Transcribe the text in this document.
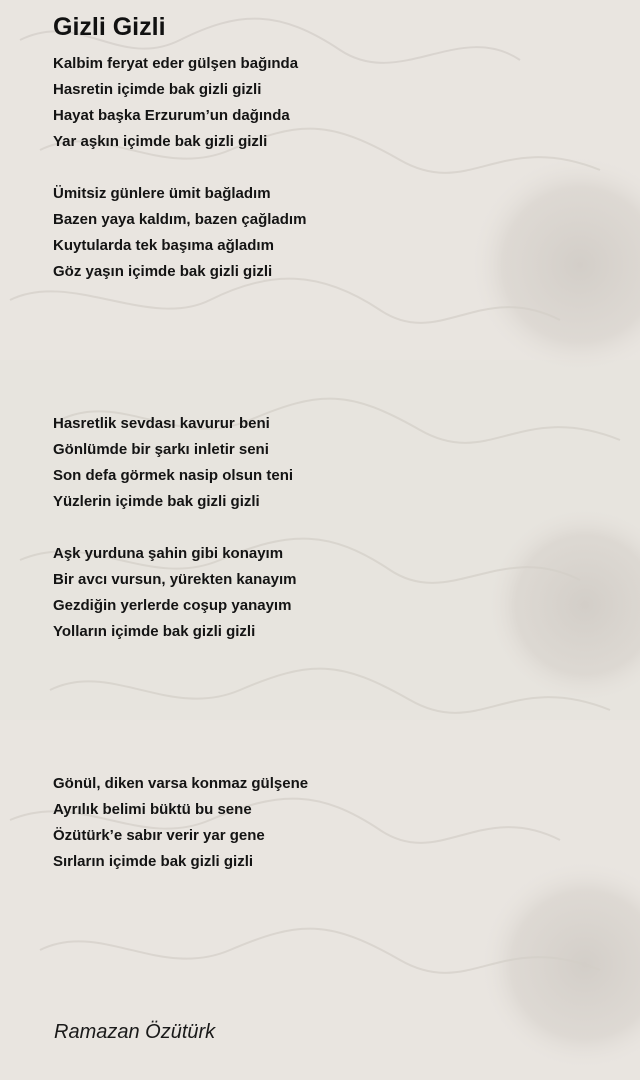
Gizli Gizli
Kalbim feryat eder gülşen bağında
Hasretin içimde bak gizli gizli
Hayat başka Erzurum’un dağında
Yar aşkın içimde bak gizli gizli
Ümitsiz günlere ümit bağladım
Bazen yaya kaldım, bazen çağladım
Kuytularda tek başıma ağladım
Göz yaşın içimde bak gizli gizli
Hasretlik sevdası kavurur beni
Gönlümde bir şarkı inletir seni
Son defa görmek nasip olsun teni
Yüzlerin içimde bak gizli gizli
Aşk yurduna şahin gibi konayım
Bir avcı vursun, yürekten kanayım
Gezdiğin yerlerde coşup yanayım
Yolların içimde bak gizli gizli
Gönül, diken varsa konmaz gülşene
Ayrılık belimi büktü bu sene
Özütürk’e sabır verir yar gene
Sırların içimde bak gizli gizli
Ramazan Özütürk
